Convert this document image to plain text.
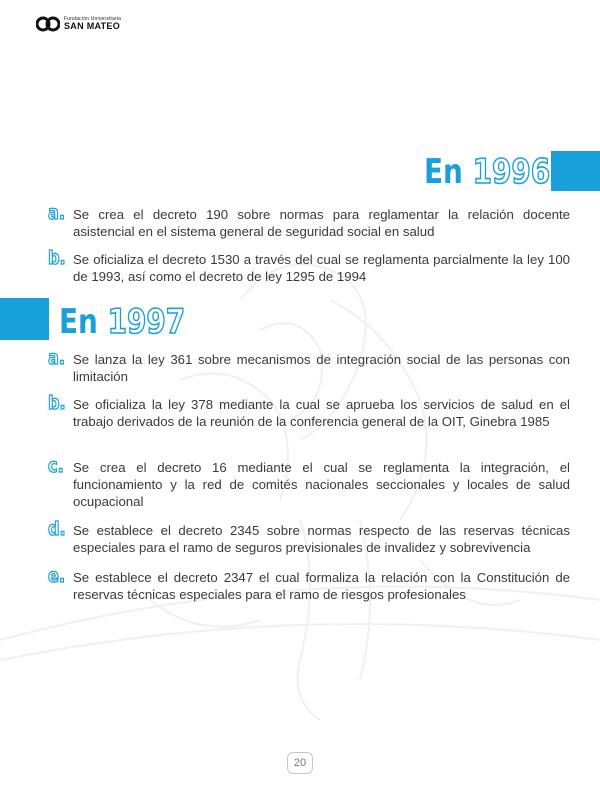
Fundación Universitaria
SAN MATEO
En 1996
a. Se crea el decreto 190 sobre normas para reglamentar la relación docente asistencial en el sistema general de seguridad social en salud
b. Se oficializa el decreto 1530 a través del cual se reglamenta parcialmente la ley 100 de 1993, así como el decreto de ley 1295 de 1994
En 1997
a. Se lanza la ley 361 sobre mecanismos de integración social de las personas con limitación
b. Se oficializa la ley 378 mediante la cual se aprueba los servicios de salud en el trabajo derivados de la reunión de la conferencia general de la OIT, Ginebra 1985
c. Se crea el decreto 16 mediante el cual se reglamenta la integración, el funcionamiento y la red de comités nacionales seccionales y locales de salud ocupacional
d. Se establece el decreto 2345 sobre normas respecto de las reservas técnicas especiales para el ramo de seguros previsionales de invalidez y sobrevivencia
e. Se establece el decreto 2347 el cual formaliza la relación con la Constitución de reservas técnicas especiales para el ramo de riesgos profesionales
20
